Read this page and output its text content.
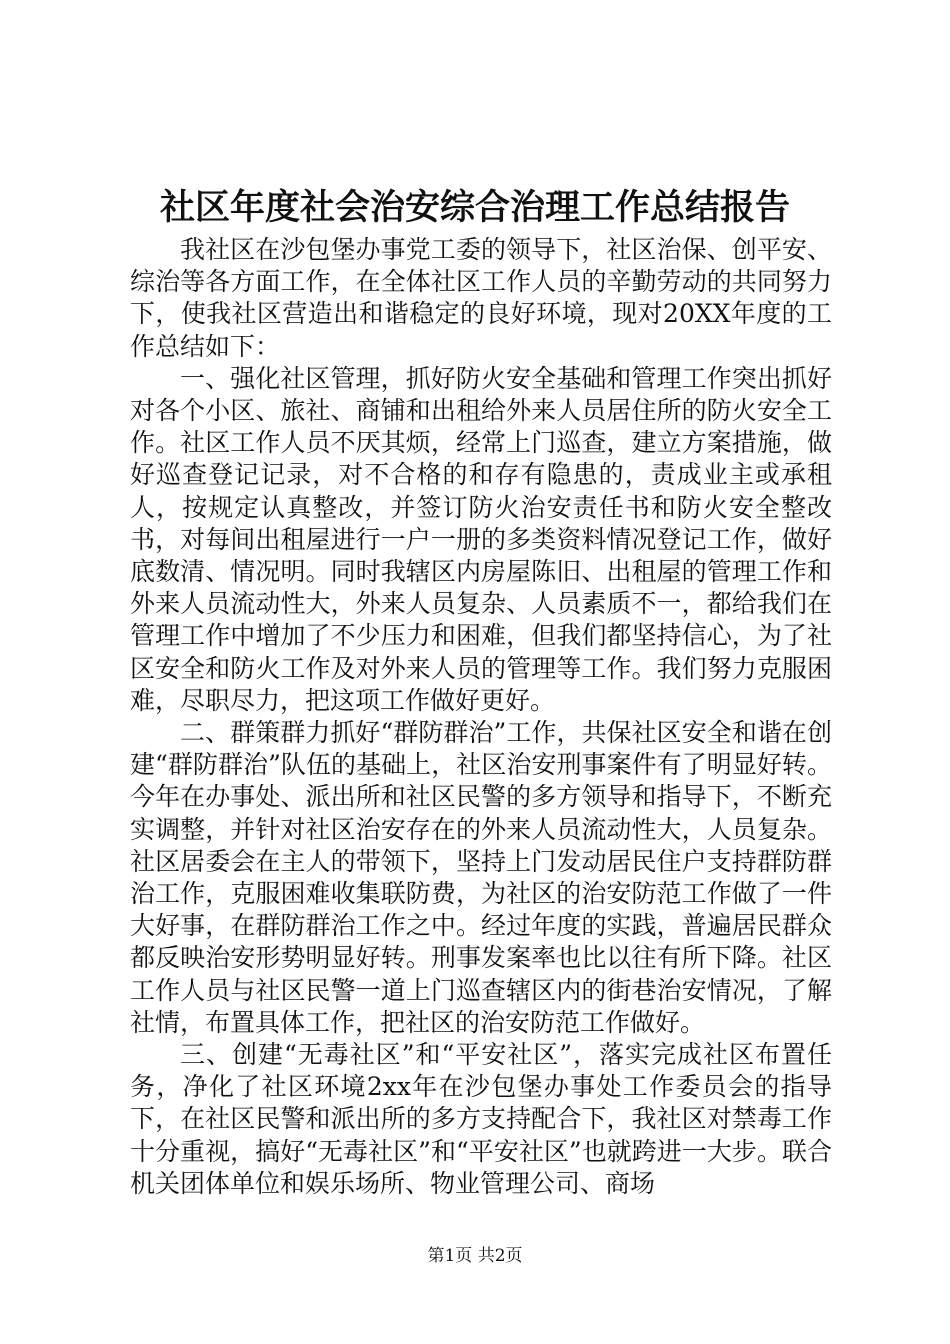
社区年度社会治安综合治理工作总结报告

我社区在沙包堡办事党工委的领导下，社区治保、创平安、综治等各方面工作，在全体社区工作人员的辛勤劳动的共同努力下，使我社区营造出和谐稳定的良好环境，现对20XX年度的工作总结如下：

一、强化社区管理，抓好防火安全基础和管理工作突出抓好对各个小区、旅社、商铺和出租给外来人员居住所的防火安全工作。社区工作人员不厌其烦，经常上门巡查，建立方案措施，做好巡查登记记录，对不合格的和存有隐患的，责成业主或承租人，按规定认真整改，并签订防火治安责任书和防火安全整改书，对每间出租屋进行一户一册的多类资料情况登记工作，做好底数清、情况明。同时我辖区内房屋陈旧、出租屋的管理工作和外来人员流动性大，外来人员复杂、人员素质不一，都给我们在管理工作中增加了不少压力和困难，但我们都坚持信心，为了社区安全和防火工作及对外来人员的管理等工作。我们努力克服困难，尽职尽力，把这项工作做好更好。

二、群策群力抓好“群防群治”工作，共保社区安全和谐在创建“群防群治”队伍的基础上，社区治安刑事案件有了明显好转。今年在办事处、派出所和社区民警的多方领导和指导下，不断充实调整，并针对社区治安存在的外来人员流动性大，人员复杂。社区居委会在主人的带领下，坚持上门发动居民住户支持群防群治工作，克服困难收集联防费，为社区的治安防范工作做了一件大好事，在群防群治工作之中。经过年度的实践，普遍居民群众都反映治安形势明显好转。刑事发案率也比以往有所下降。社区工作人员与社区民警一道上门巡查辖区内的街巷治安情况，了解社情，布置具体工作，把社区的治安防范工作做好。

三、创建“无毒社区”和“平安社区”，落实完成社区布置任务，净化了社区环境2xx年在沙包堡办事处工作委员会的指导下，在社区民警和派出所的多方支持配合下，我社区对禁毒工作十分重视，搞好“无毒社区”和“平安社区”也就跨进一大步。联合机关团体单位和娱乐场所、物业管理公司、商场

第1页 共2页
